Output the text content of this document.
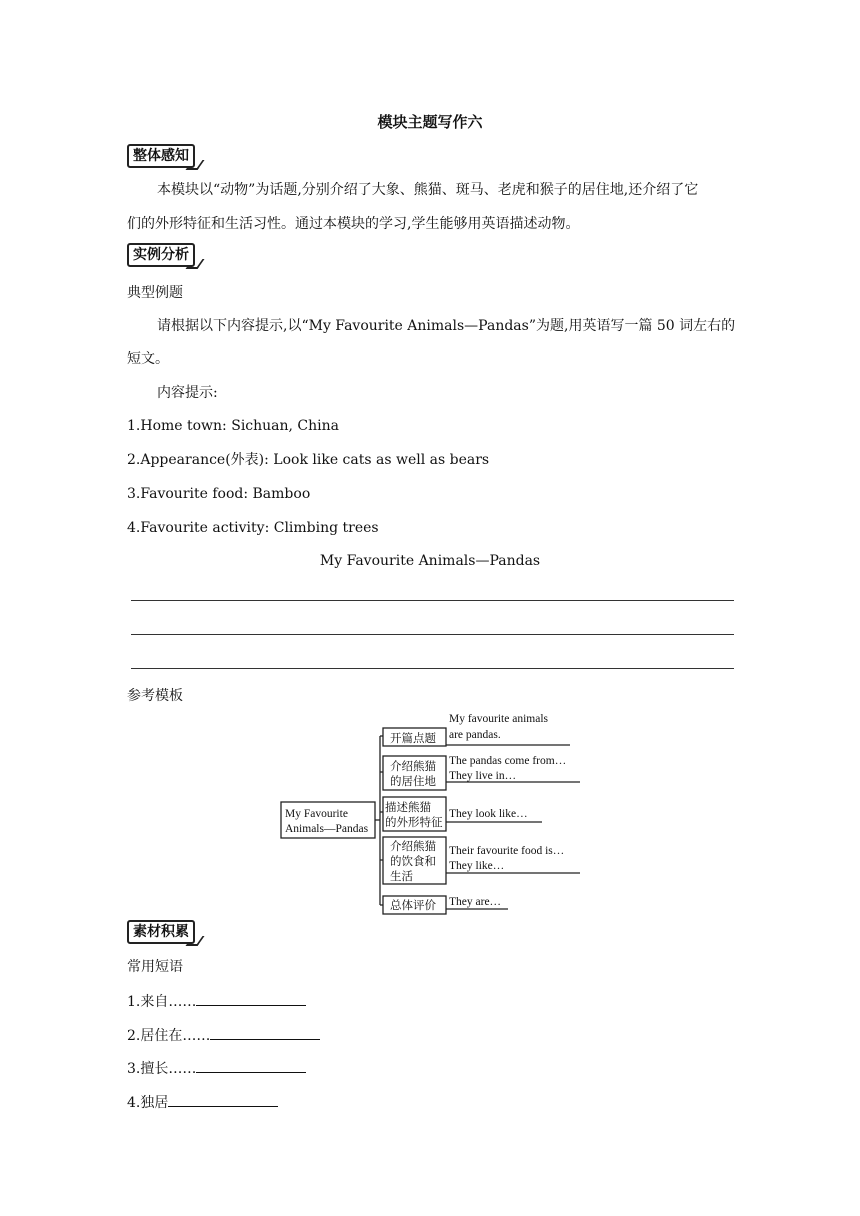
模块主题写作六
整体感知
本模块以“动物”为话题,分别介绍了大象、熊猫、斑马、老虎和猴子的居住地,还介绍了它
们的外形特征和生活习性。通过本模块的学习,学生能够用英语描述动物。
实例分析
典型例题
请根据以下内容提示,以“My Favourite Animals—Pandas”为题,用英语写一篇 50 词左右的
短文。
内容提示:
1.Home town: Sichuan, China
2.Appearance(外表): Look like cats as well as bears
3.Favourite food: Bamboo
4.Favourite activity: Climbing trees
My Favourite Animals—Pandas
参考模板
My Favourite
Animals—Pandas
开篇点题
介绍熊猫
的居住地
描述熊猫
的外形特征
介绍熊猫
的饮食和
生活
总体评价
My favourite animals
are pandas.
The pandas come from…
They live in…
They look like…
Their favourite food is…
They like…
They are…
素材积累
常用短语
1.来自……
2.居住在……
3.擅长……
4.独居
